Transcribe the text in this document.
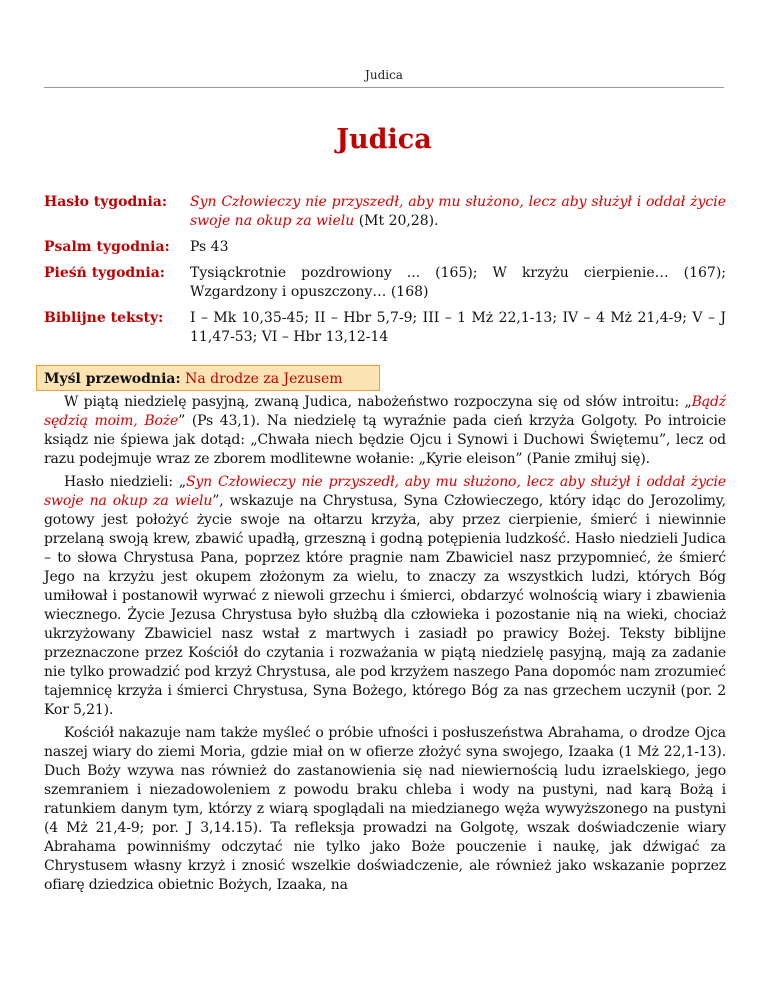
Judica
Judica
Hasło tygodnia:	Syn Człowieczy nie przyszedł, aby mu służono, lecz aby służył i oddał życie swoje na okup za wielu (Mt 20,28).
Psalm tygodnia:	Ps 43
Pieśń tygodnia:	Tysiąckrotnie pozdrowiony ... (165); W krzyżu cierpienie… (167); Wzgardzony i opuszczony… (168)
Biblijne teksty:	I – Mk 10,35-45; II – Hbr 5,7-9; III – 1 Mż 22,1-13; IV – 4 Mż 21,4-9; V – J 11,47-53; VI – Hbr 13,12-14
Myśl przewodnia: Na drodze za Jezusem

W piątą niedzielę pasyjną, zwaną Judica, nabożeństwo rozpoczyna się od słów introitu: „Bądź sędzią moim, Boże” (Ps 43,1). Na niedzielę tą wyraźnie pada cień krzyża Golgoty. Po introicie ksiądz nie śpiewa jak dotąd: „Chwała niech będzie Ojcu i Synowi i Duchowi Świętemu”, lecz od razu podejmuje wraz ze zborem modlitewne wołanie: „Kyrie eleison” (Panie zmiłuj się).

Hasło niedzieli: „Syn Człowieczy nie przyszedł, aby mu służono, lecz aby służył i oddał życie swoje na okup za wielu”, wskazuje na Chrystusa, Syna Człowieczego, który idąc do Jerozolimy, gotowy jest położyć życie swoje na ołtarzu krzyża, aby przez cierpienie, śmierć i niewinnie przelaną swoją krew, zbawić upadłą, grzeszną i godną potępienia ludzkość. Hasło niedzieli Judica – to słowa Chrystusa Pana, poprzez które pragnie nam Zbawiciel nasz przypomnieć, że śmierć Jego na krzyżu jest okupem złożonym za wielu, to znaczy za wszystkich ludzi, których Bóg umiłował i postanowił wyrwać z niewoli grzechu i śmierci, obdarzyć wolnością wiary i zbawienia wiecznego. Życie Jezusa Chrystusa było służbą dla człowieka i pozostanie nią na wieki, chociaż ukrzyżowany Zbawiciel nasz wstał z martwych i zasiadł po prawicy Bożej. Teksty biblijne przeznaczone przez Kościół do czytania i rozważania w piątą niedzielę pasyjną, mają za zadanie nie tylko prowadzić pod krzyż Chrystusa, ale pod krzyżem naszego Pana dopomóc nam zrozumieć tajemnicę krzyża i śmierci Chrystusa, Syna Bożego, którego Bóg za nas grzechem uczynił (por. 2 Kor 5,21).

Kościół nakazuje nam także myśleć o próbie ufności i posłuszeństwa Abrahama, o drodze Ojca naszej wiary do ziemi Moria, gdzie miał on w ofierze złożyć syna swojego, Izaaka (1 Mż 22,1-13). Duch Boży wzywa nas również do zastanowienia się nad niewiernością ludu izraelskiego, jego szemraniem i niezadowoleniem z powodu braku chleba i wody na pustyni, nad karą Bożą i ratunkiem danym tym, którzy z wiarą spoglądali na miedzianego węża wywyższonego na pustyni (4 Mż 21,4-9; por. J 3,14.15). Ta refleksja prowadzi na Golgotę, wszak doświadczenie wiary Abrahama powinniśmy odczytać nie tylko jako Boże pouczenie i naukę, jak dźwigać za Chrystusem własny krzyż i znosić wszelkie doświadczenie, ale również jako wskazanie poprzez ofiarę dziedzica obietnic Bożych, Izaaka, na
